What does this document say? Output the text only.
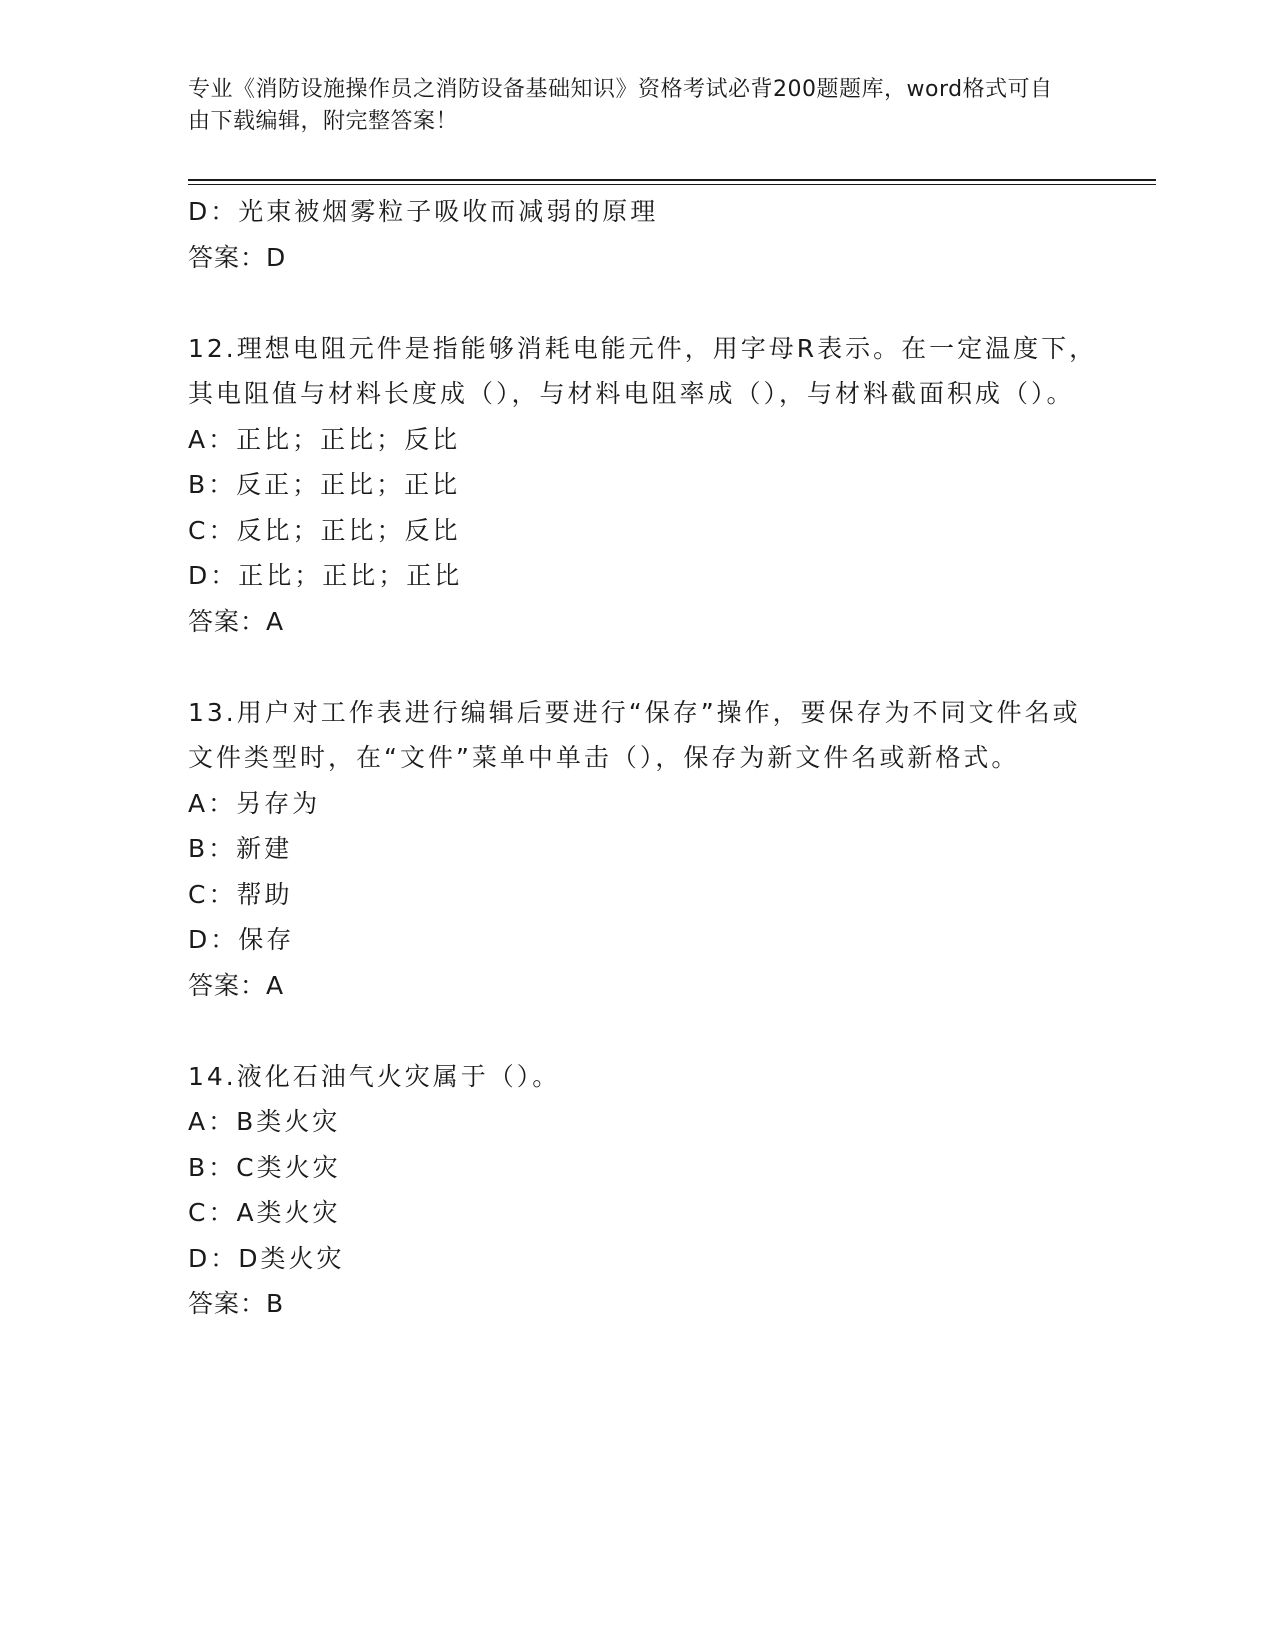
专业《消防设施操作员之消防设备基础知识》资格考试必背200题题库，word格式可自由下载编辑，附完整答案！

D：光束被烟雾粒子吸收而减弱的原理

答案：D

12.理想电阻元件是指能够消耗电能元件，用字母R表示。在一定温度下，其电阻值与材料长度成（），与材料电阻率成（），与材料截面积成（）。

A：正比；正比；反比

B：反正；正比；正比

C：反比；正比；反比

D：正比；正比；正比

答案：A

13.用户对工作表进行编辑后要进行“保存”操作，要保存为不同文件名或文件类型时，在“文件”菜单中单击（），保存为新文件名或新格式。

A：另存为

B：新建

C：帮助

D：保存

答案：A

14.液化石油气火灾属于（）。

A：B类火灾

B：C类火灾

C：A类火灾

D：D类火灾

答案：B
